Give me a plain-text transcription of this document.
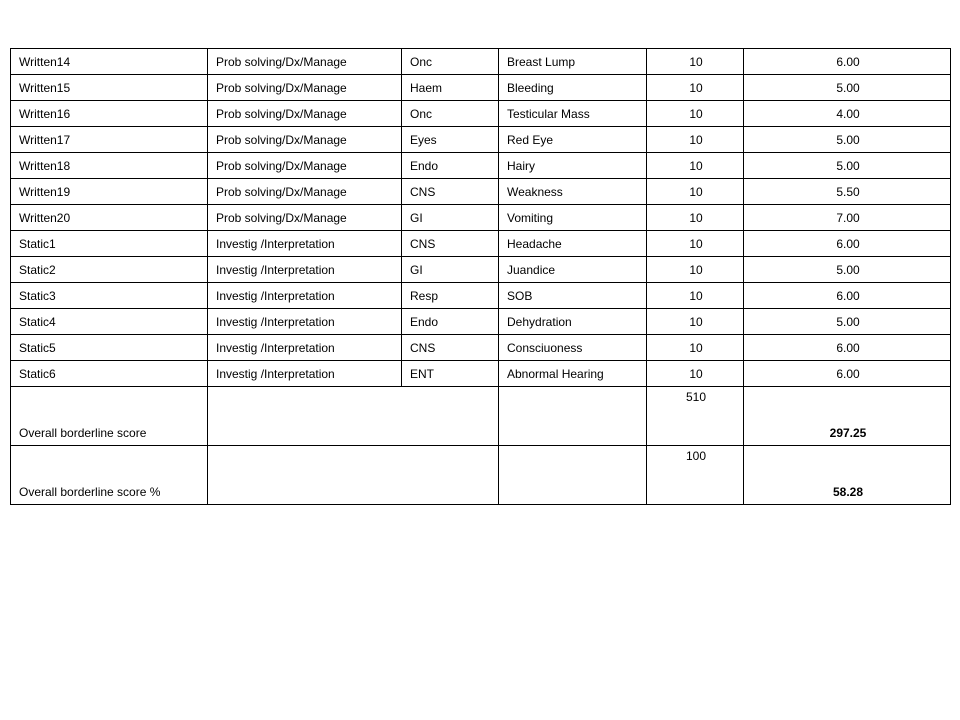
Written14	Prob solving/Dx/Manage	Onc	Breast Lump	10	6.00
Written15	Prob solving/Dx/Manage	Haem	Bleeding	10	5.00
Written16	Prob solving/Dx/Manage	Onc	Testicular Mass	10	4.00
Written17	Prob solving/Dx/Manage	Eyes	Red Eye	10	5.00
Written18	Prob solving/Dx/Manage	Endo	Hairy	10	5.00
Written19	Prob solving/Dx/Manage	CNS	Weakness	10	5.50
Written20	Prob solving/Dx/Manage	GI	Vomiting	10	7.00
Static1	Investig /Interpretation	CNS	Headache	10	6.00
Static2	Investig /Interpretation	GI	Juandice	10	5.00
Static3	Investig /Interpretation	Resp	SOB	10	6.00
Static4	Investig /Interpretation	Endo	Dehydration	10	5.00
Static5	Investig /Interpretation	CNS	Consciuoness	10	6.00
Static6	Investig /Interpretation	ENT	Abnormal Hearing	10	6.00
Overall borderline score				510	297.25
Overall borderline score %				100	58.28
